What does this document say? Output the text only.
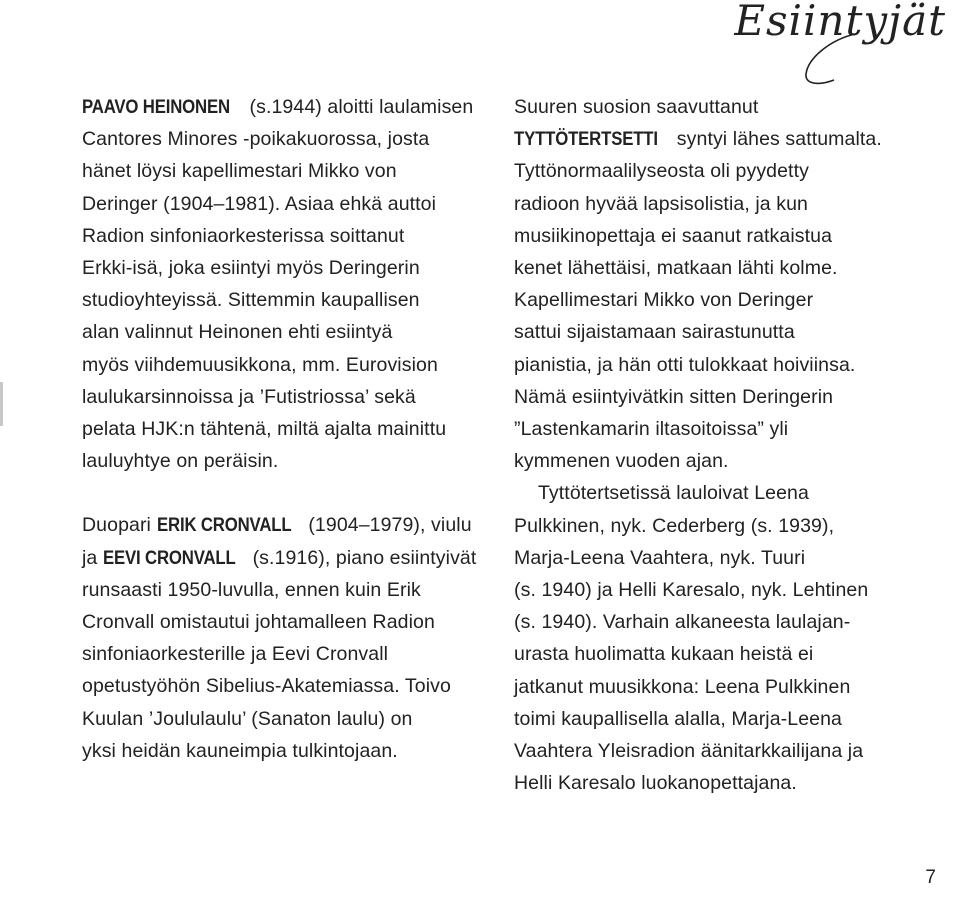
Esiintyjät

PAAVO HEINONEN (s.1944) aloitti laulamisen
Cantores Minores -poikakuorossa, josta
hänet löysi kapellimestari Mikko von
Deringer (1904–1981). Asiaa ehkä auttoi
Radion sinfoniaorkesterissa soittanut
Erkki-isä, joka esiintyi myös Deringerin
studioyhteyissä. Sittemmin kaupallisen
alan valinnut Heinonen ehti esiintyä
myös viihdemuusikkona, mm. Eurovision
laulukarsinnoissa ja ’Futistriossa’ sekä
pelata HJK:n tähtenä, miltä ajalta mainittu
lauluyhtye on peräisin.

Duopari ERIK CRONVALL (1904–1979), viulu
ja EEVI CRONVALL (s.1916), piano esiintyivät
runsaasti 1950-luvulla, ennen kuin Erik
Cronvall omistautui johtamalleen Radion
sinfoniaorkesterille ja Eevi Cronvall
opetustyöhön Sibelius-Akatemiassa. Toivo
Kuulan ’Joululaulu’ (Sanaton laulu) on
yksi heidän kauneimpia tulkintojaan.

Suuren suosion saavuttanut
TYTTÖTERTSETTI syntyi lähes sattumalta.
Tyttönormaalilyseosta oli pyydetty
radioon hyvää lapsisolistia, ja kun
musiikinopettaja ei saanut ratkaistua
kenet lähettäisi, matkaan lähti kolme.
Kapellimestari Mikko von Deringer
sattui sijaistamaan sairastunutta
pianistia, ja hän otti tulokkaat hoiviinsa.
Nämä esiintyivätkin sitten Deringerin
”Lastenkamarin iltasoitoissa” yli
kymmenen vuoden ajan.

Tyttötertsetissä lauloivat Leena
Pulkkinen, nyk. Cederberg (s. 1939),
Marja-Leena Vaahtera, nyk. Tuuri
(s. 1940) ja Helli Karesalo, nyk. Lehtinen
(s. 1940). Varhain alkaneesta laulajan-
urasta huolimatta kukaan heistä ei
jatkanut muusikkona: Leena Pulkkinen
toimi kaupallisella alalla, Marja-Leena
Vaahtera Yleisradion äänitarkkailijana ja
Helli Karesalo luokanopettajana.

7
